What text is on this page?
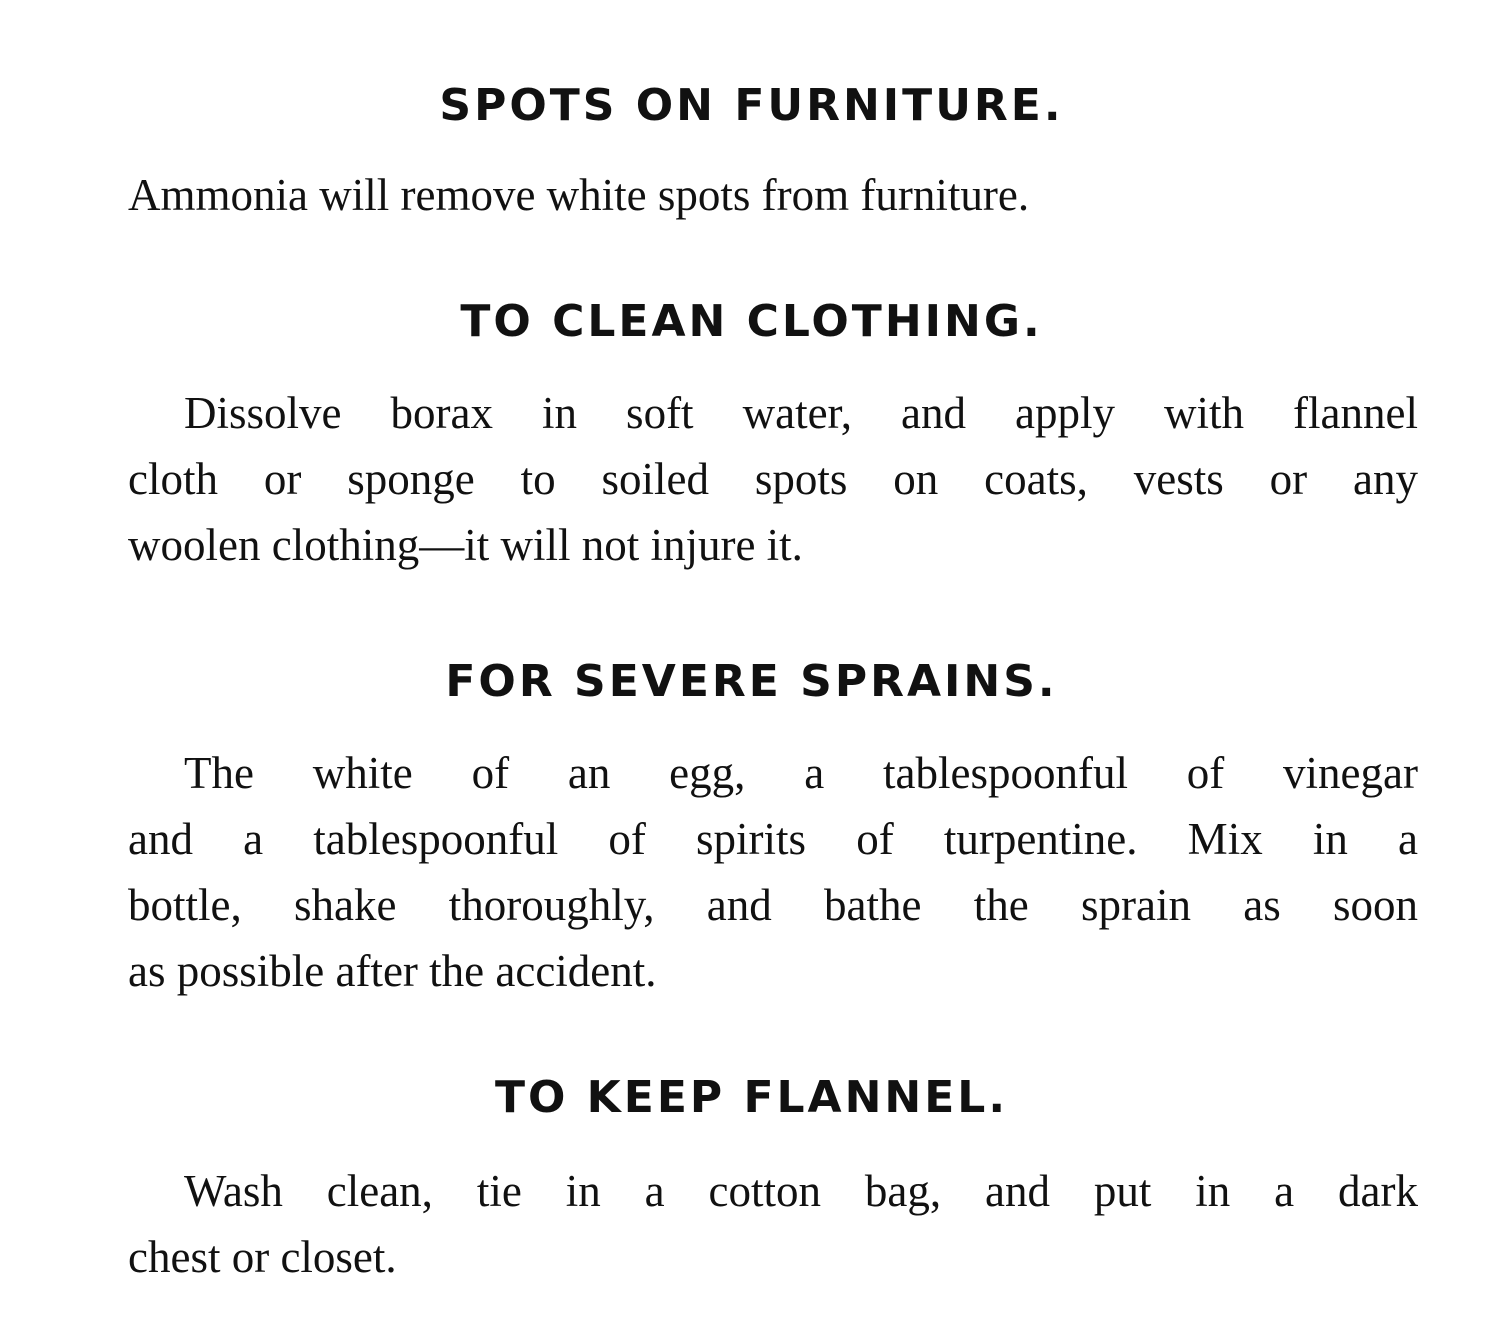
SPOTS ON FURNITURE.

Ammonia will remove white spots from furniture.

TO CLEAN CLOTHING.

Dissolve borax in soft water, and apply with flannel
cloth or sponge to soiled spots on coats, vests or any
woolen clothing—it will not injure it.

FOR SEVERE SPRAINS.

The white of an egg, a tablespoonful of vinegar
and a tablespoonful of spirits of turpentine. Mix in a
bottle, shake thoroughly, and bathe the sprain as soon
as possible after the accident.

TO KEEP FLANNEL.

Wash clean, tie in a cotton bag, and put in a dark
chest or closet.
